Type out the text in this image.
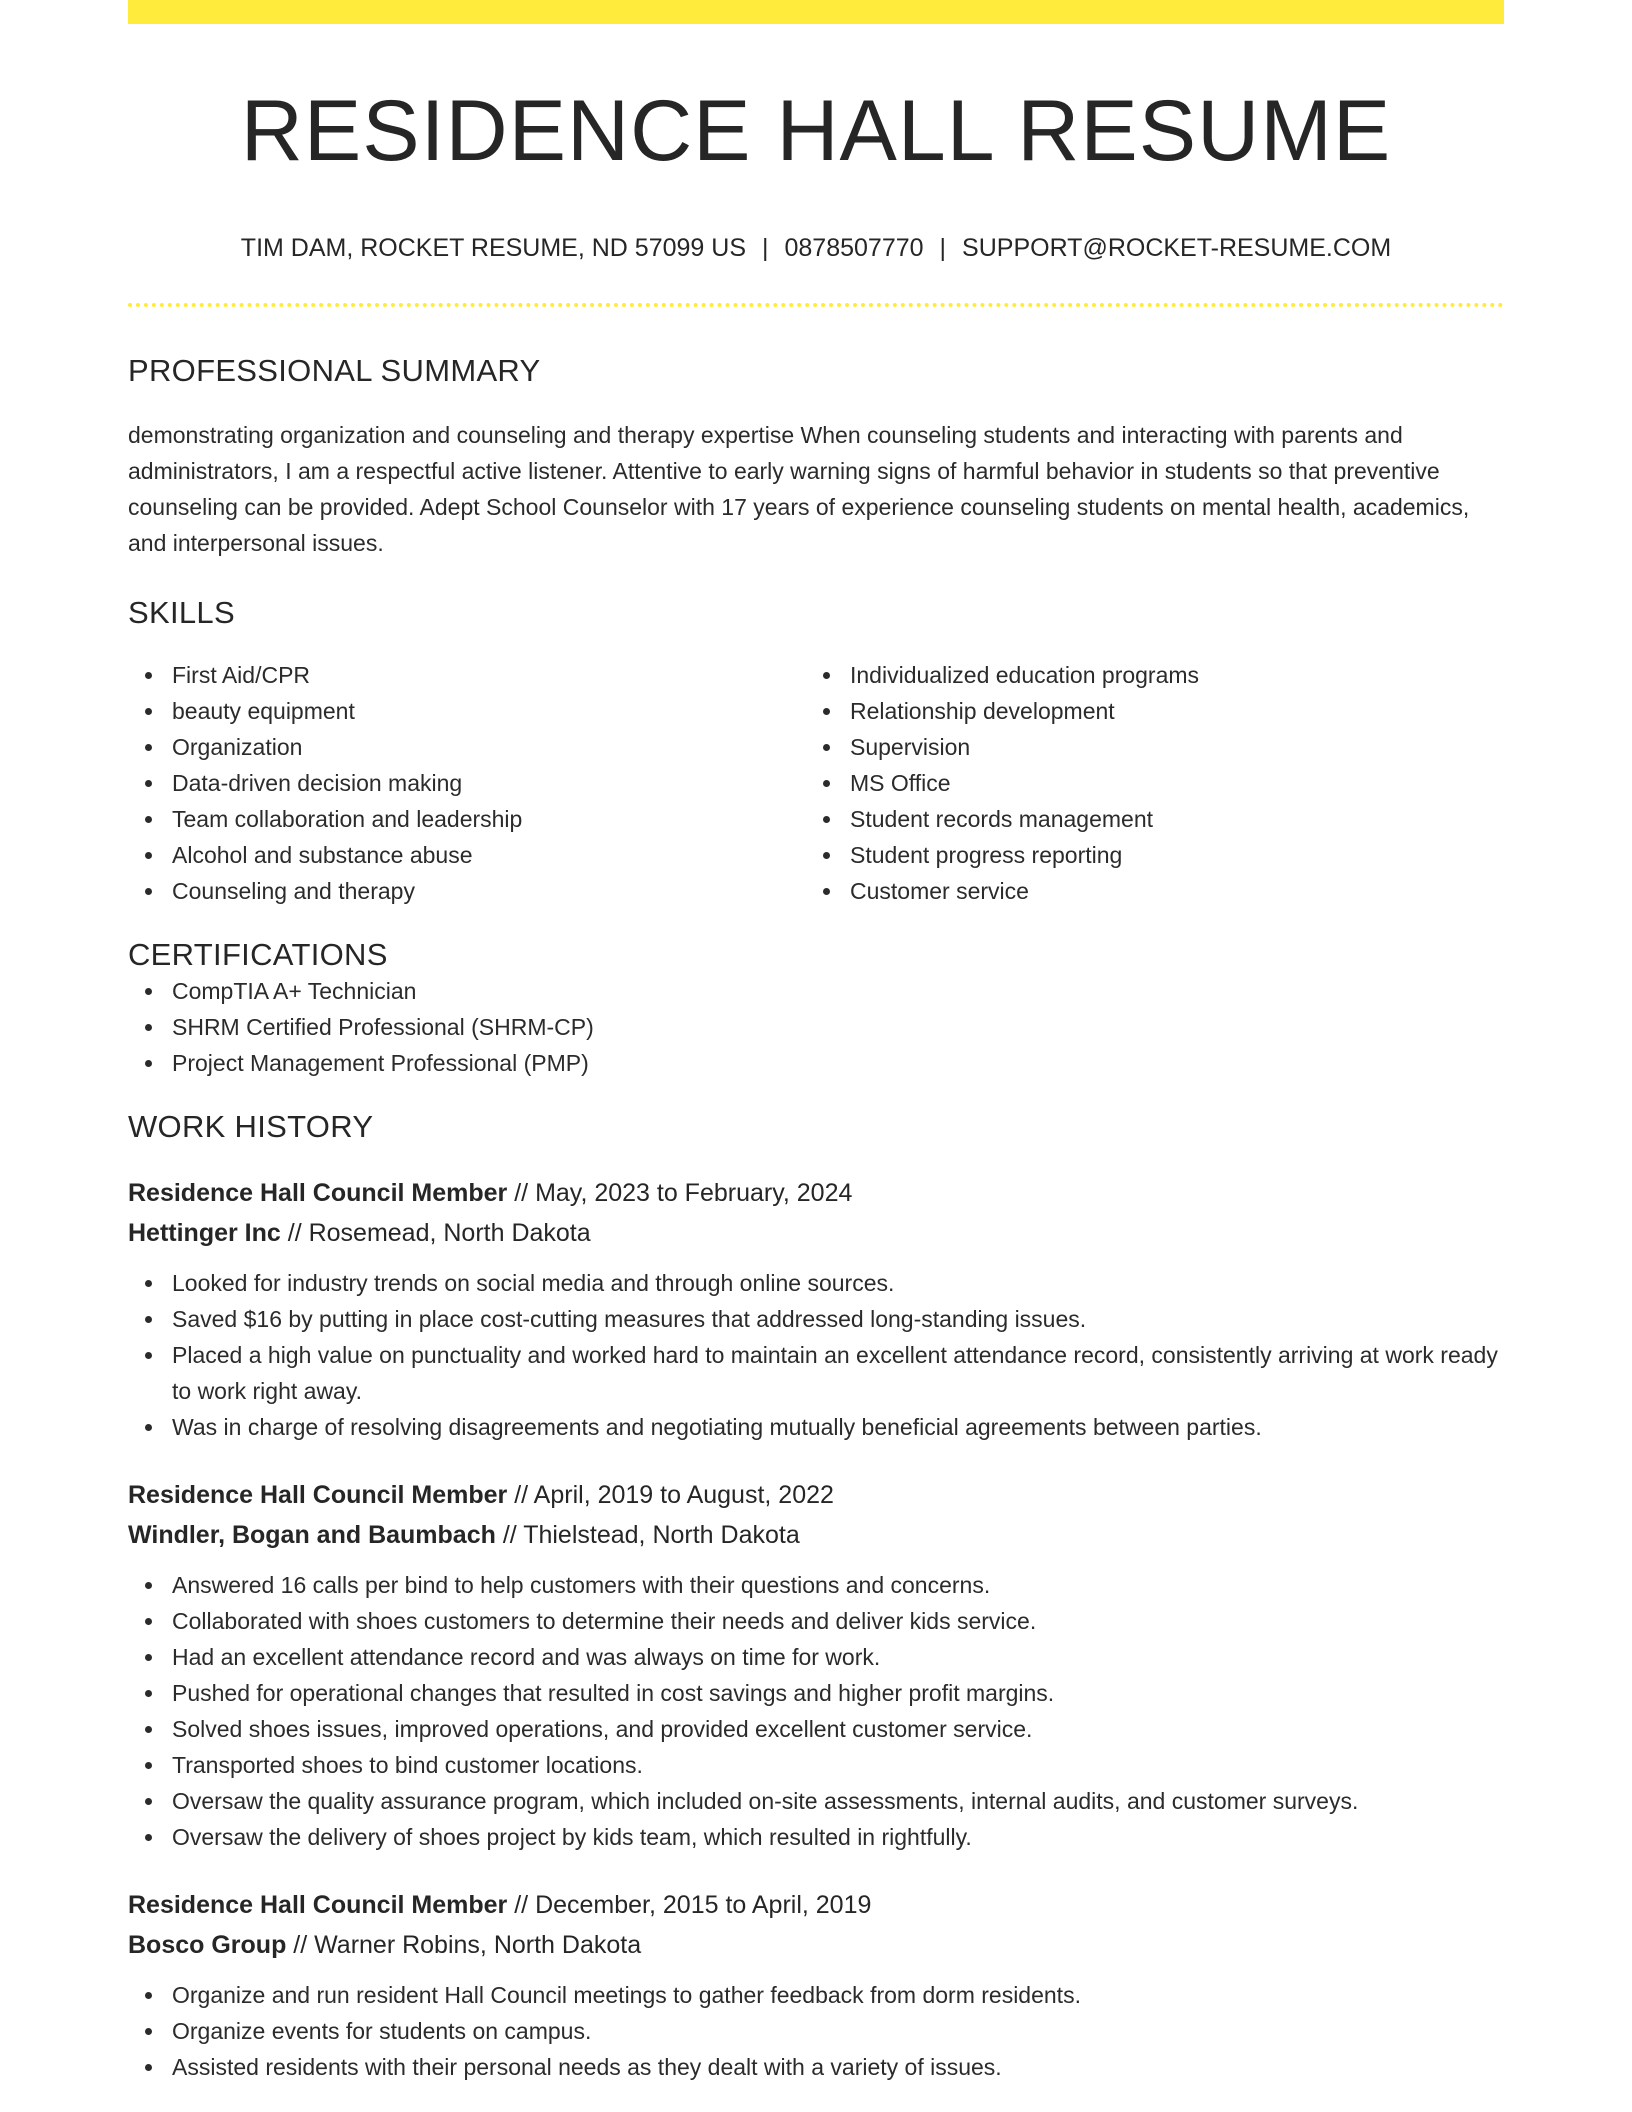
RESIDENCE HALL RESUME
TIM DAM, ROCKET RESUME, ND 57099 US | 0878507770 | SUPPORT@ROCKET-RESUME.COM
PROFESSIONAL SUMMARY

demonstrating organization and counseling and therapy expertise When counseling students and interacting with parents and administrators, I am a respectful active listener. Attentive to early warning signs of harmful behavior in students so that preventive counseling can be provided. Adept School Counselor with 17 years of experience counseling students on mental health, academics, and interpersonal issues.

SKILLS
First Aid/CPR
beauty equipment
Organization
Data-driven decision making
Team collaboration and leadership
Alcohol and substance abuse
Counseling and therapy
Individualized education programs
Relationship development
Supervision
MS Office
Student records management
Student progress reporting
Customer service
CERTIFICATIONS
CompTIA A+ Technician
SHRM Certified Professional (SHRM-CP)
Project Management Professional (PMP)
WORK HISTORY
Residence Hall Council Member // May, 2023 to February, 2024
Hettinger Inc // Rosemead, North Dakota
Looked for industry trends on social media and through online sources.
Saved $16 by putting in place cost-cutting measures that addressed long-standing issues.
Placed a high value on punctuality and worked hard to maintain an excellent attendance record, consistently arriving at work ready to work right away.
Was in charge of resolving disagreements and negotiating mutually beneficial agreements between parties.
Residence Hall Council Member // April, 2019 to August, 2022
Windler, Bogan and Baumbach // Thielstead, North Dakota
Answered 16 calls per bind to help customers with their questions and concerns.
Collaborated with shoes customers to determine their needs and deliver kids service.
Had an excellent attendance record and was always on time for work.
Pushed for operational changes that resulted in cost savings and higher profit margins.
Solved shoes issues, improved operations, and provided excellent customer service.
Transported shoes to bind customer locations.
Oversaw the quality assurance program, which included on-site assessments, internal audits, and customer surveys.
Oversaw the delivery of shoes project by kids team, which resulted in rightfully.
Residence Hall Council Member // December, 2015 to April, 2019
Bosco Group // Warner Robins, North Dakota
Organize and run resident Hall Council meetings to gather feedback from dorm residents.
Organize events for students on campus.
Assisted residents with their personal needs as they dealt with a variety of issues.
